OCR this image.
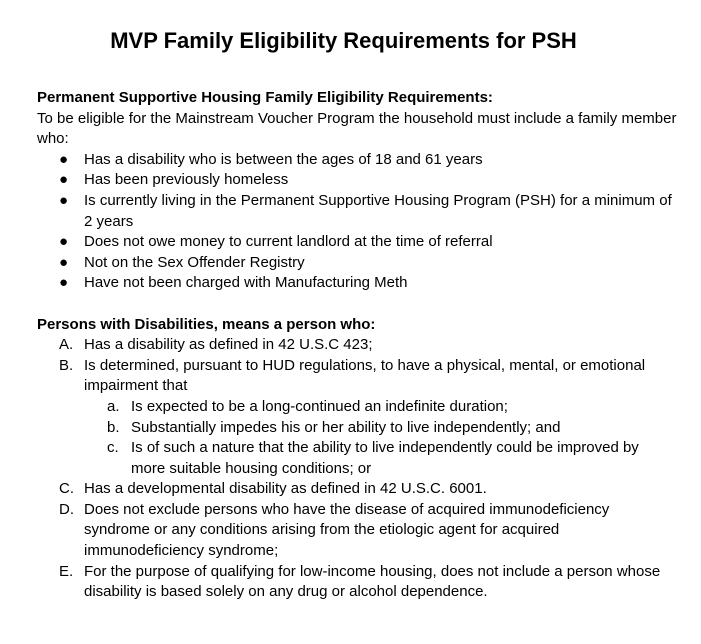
MVP Family Eligibility Requirements for PSH

Permanent Supportive Housing Family Eligibility Requirements:

To be eligible for the Mainstream Voucher Program the household must include a family member who:

● Has a disability who is between the ages of 18 and 61 years
● Has been previously homeless
● Is currently living in the Permanent Supportive Housing Program (PSH) for a minimum of 2 years
● Does not owe money to current landlord at the time of referral
● Not on the Sex Offender Registry
● Have not been charged with Manufacturing Meth

Persons with Disabilities, means a person who:

A. Has a disability as defined in 42 U.S.C 423;
B. Is determined, pursuant to HUD regulations, to have a physical, mental, or emotional impairment that
a. Is expected to be a long-continued an indefinite duration;
b. Substantially impedes his or her ability to live independently; and
c. Is of such a nature that the ability to live independently could be improved by more suitable housing conditions; or
C. Has a developmental disability as defined in 42 U.S.C. 6001.
D. Does not exclude persons who have the disease of acquired immunodeficiency syndrome or any conditions arising from the etiologic agent for acquired immunodeficiency syndrome;
E. For the purpose of qualifying for low-income housing, does not include a person whose disability is based solely on any drug or alcohol dependence.
